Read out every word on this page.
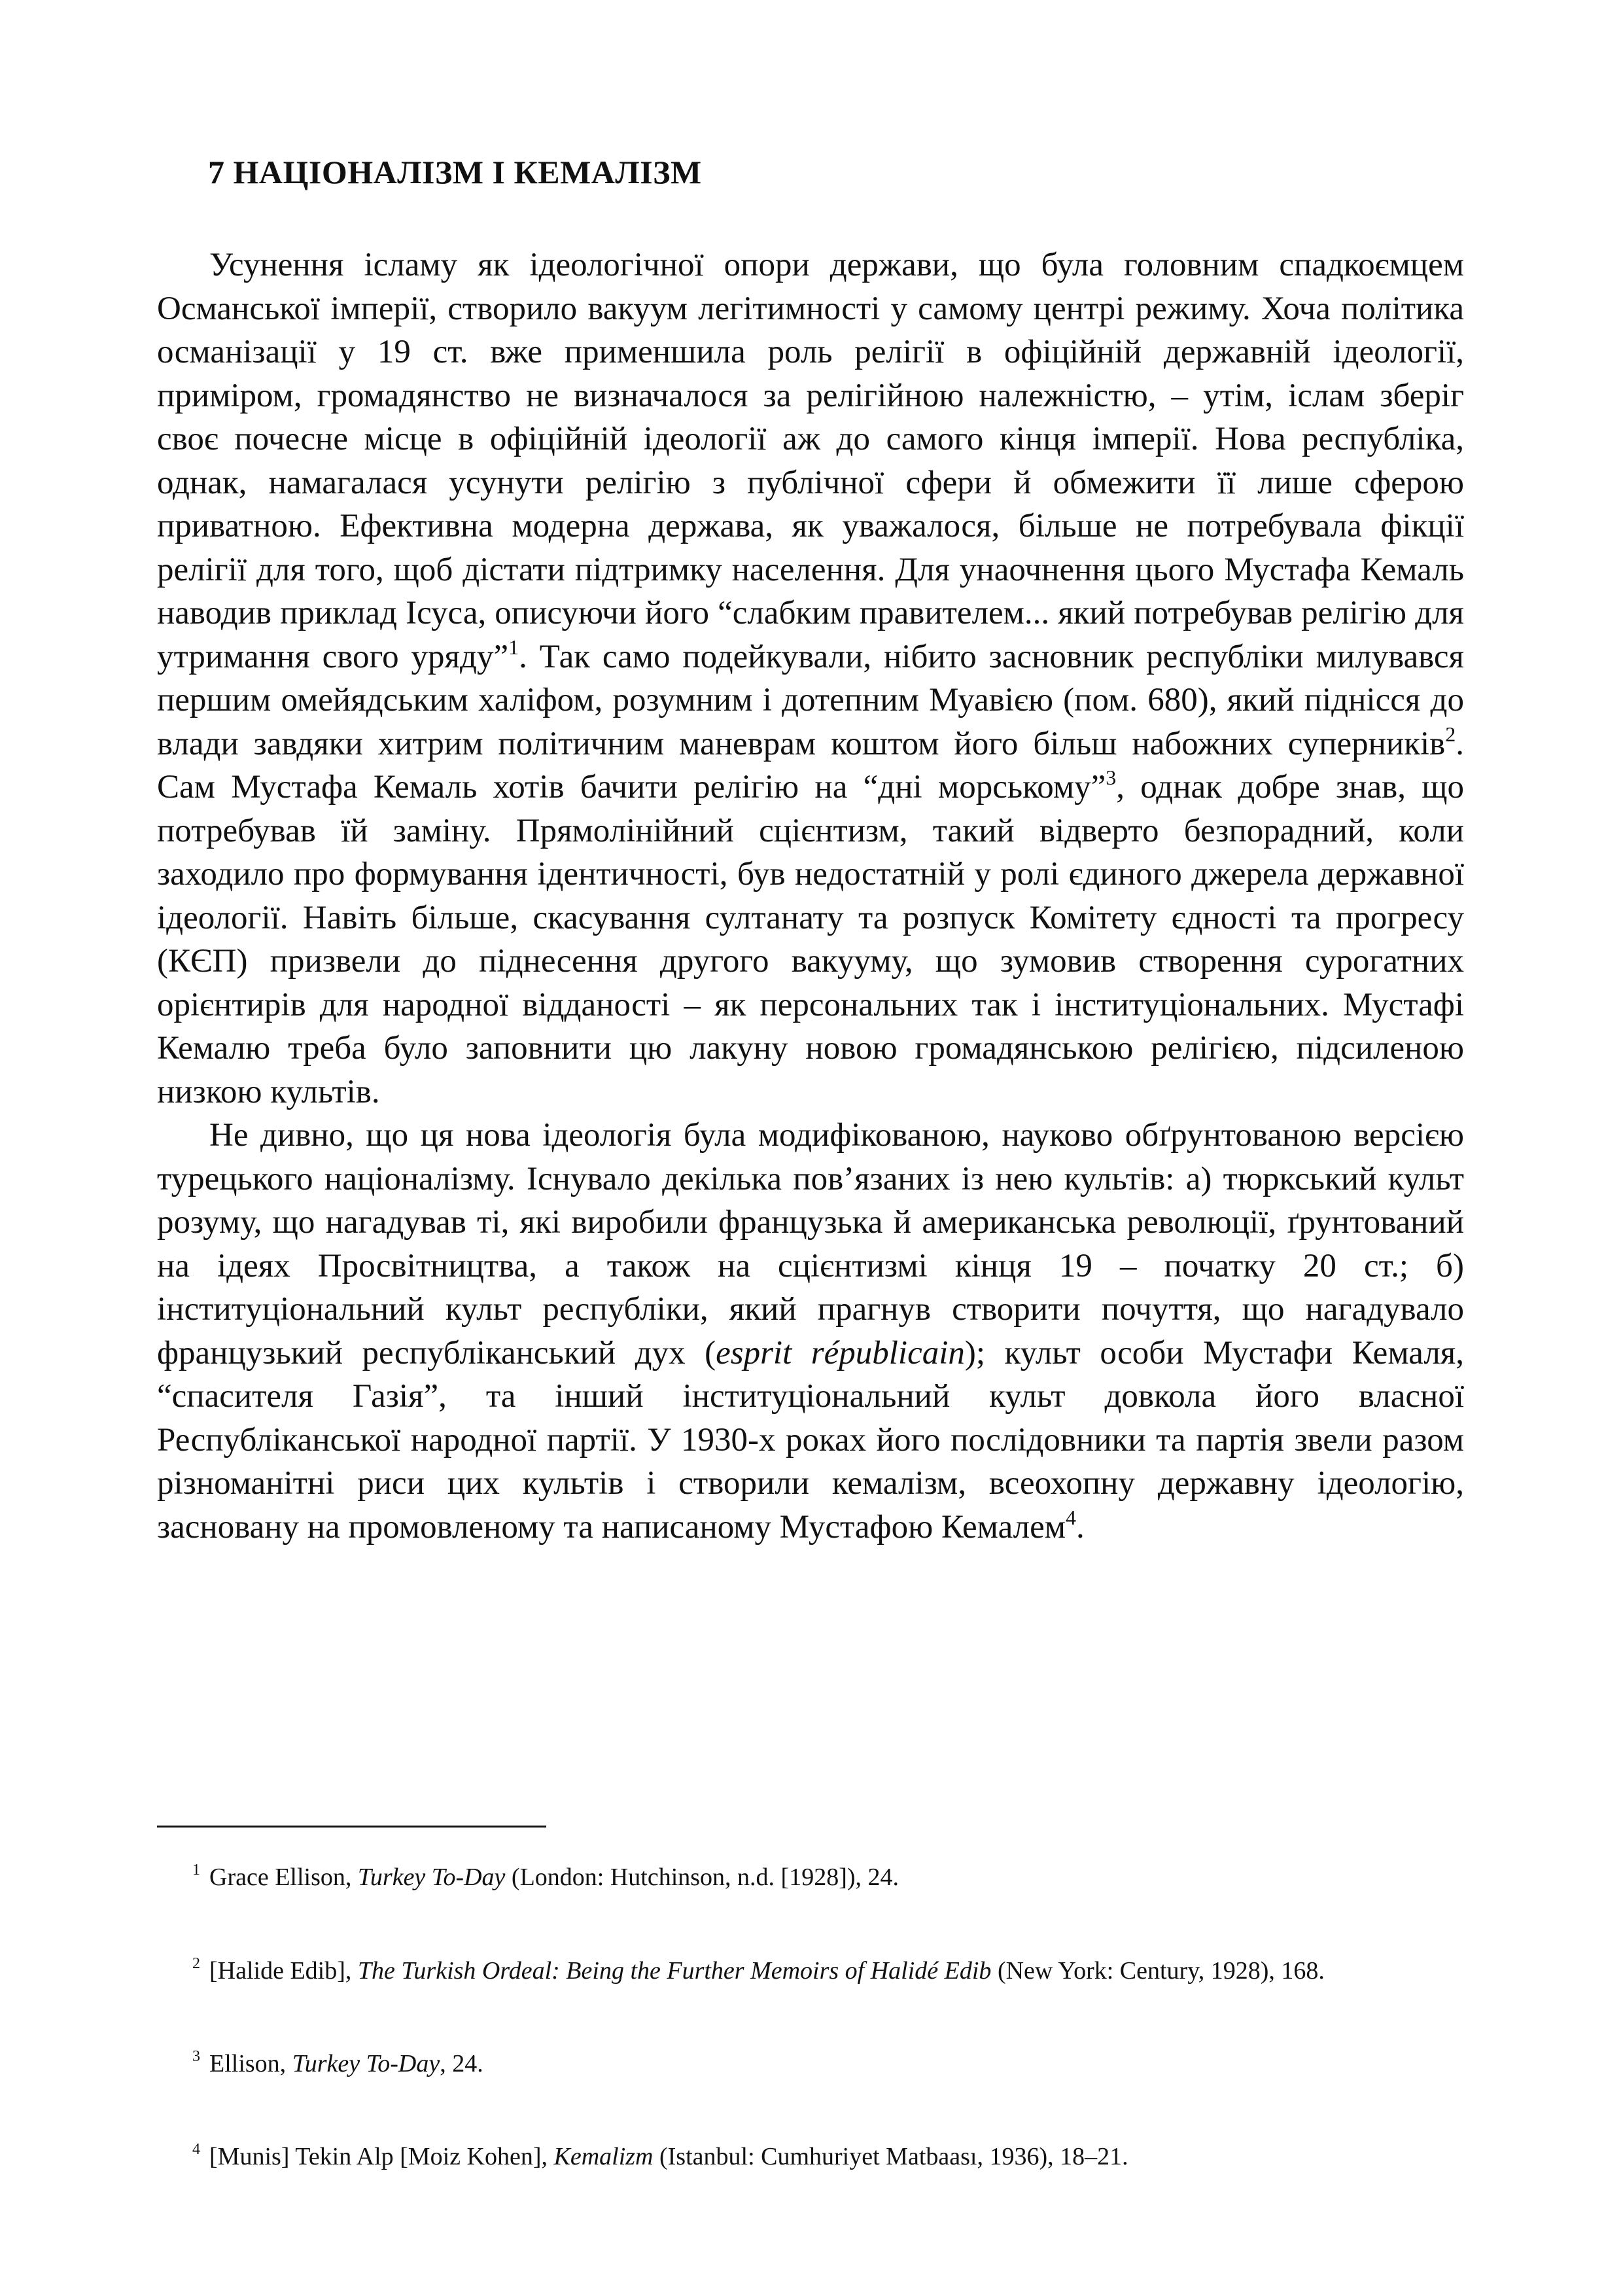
7 НАЦІОНАЛІЗМ І КЕМАЛІЗМ

Усунення ісламу як ідеологічної опори держави, що була головним спадкоємцем Османської імперії, створило вакуум легітимності у самому центрі режиму. Хоча політика османізації у 19 ст. вже применшила роль релігії в офіційній державній ідеології, приміром, громадянство не визначалося за релігійною належністю, – утім, іслам зберіг своє почесне місце в офіційній ідеології аж до самого кінця імперії. Нова республіка, однак, намагалася усунути релігію з публічної сфери й обмежити її лише сферою приватною. Ефективна модерна держава, як уважалося, більше не потребувала фікції релігії для того, щоб дістати підтримку населення. Для унаочнення цього Мустафа Кемаль наводив приклад Ісуса, описуючи його “слабким правителем... який потребував релігію для утримання свого уряду”$^1$. Так само подейкували, нібито засновник республіки милувався першим омейядським халіфом, розумним і дотепним Муавією (пом. 680), який піднісся до влади завдяки хитрим політичним маневрам коштом його більш набожних суперників$^2$. Сам Мустафа Кемаль хотів бачити релігію на “дні морському”$^3$, однак добре знав, що потребував їй заміну. Прямолінійний сцієнтизм, такий відверто безпорадний, коли заходило про формування ідентичності, був недостатній у ролі єдиного джерела державної ідеології. Навіть більше, скасування султанату та розпуск Комітету єдності та прогресу (КЄП) призвели до піднесення другого вакууму, що зумовив створення сурогатних орієнтирів для народної відданості – як персональних так і інституціональних. Мустафі Кемалю треба було заповнити цю лакуну новою громадянською релігією, підсиленою низкою культів.

Не дивно, що ця нова ідеологія була модифікованою, науково обґрунтованою версією турецького націоналізму. Існувало декілька пов’язаних із нею культів: а) тюркський культ розуму, що нагадував ті, які виробили французька й американська революції, ґрунтований на ідеях Просвітництва, а також на сцієнтизмі кінця 19 – початку 20 ст.; б) інституціональний культ республіки, який прагнув створити почуття, що нагадувало французький республіканський дух (esprit républicain); культ особи Мустафи Кемаля, “спасителя Газія”, та інший інституціональний культ довкола його власної Республіканської народної партії. У 1930-х роках його послідовники та партія звели разом різноманітні риси цих культів і створили кемалізм, всеохопну державну ідеологію, засновану на промовленому та написаному Мустафою Кемалем$^4$.

$^1$ Grace Ellison, Turkey To-Day (London: Hutchinson, n.d. [1928]), 24.

$^2$ [Halide Edib], The Turkish Ordeal: Being the Further Memoirs of Halidé Edib (New York: Century, 1928), 168.

$^3$ Ellison, Turkey To-Day, 24.

$^4$ [Munis] Tekin Alp [Moiz Kohen], Kemalizm (Istanbul: Cumhuriyet Matbaası, 1936), 18–21.
